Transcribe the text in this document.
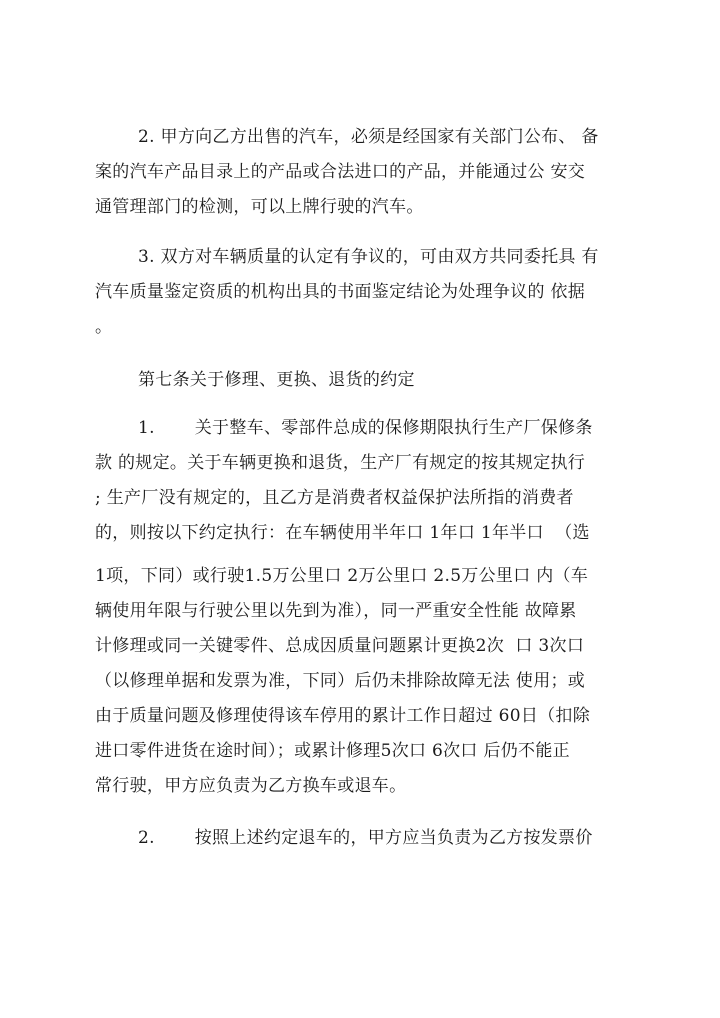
2. 甲方向乙方出售的汽车，必须是经国家有关部门公布、 备
案的汽车产品目录上的产品或合法进口的产品，并能通过公 安交
通管理部门的检测，可以上牌行驶的汽车。
3. 双方对车辆质量的认定有争议的，可由双方共同委托具 有
汽车质量鉴定资质的机构出具的书面鉴定结论为处理争议的 依据
。
第七条关于修理、更换、退货的约定
1.       关于整车、零部件总成的保修期限执行生产厂保修条
款 的规定。关于车辆更换和退货，生产厂有规定的按其规定执行
; 生产厂没有规定的，且乙方是消费者权益保护法所指的消费者
的，则按以下约定执行：在车辆使用半年口 1年口 1年半口  （选
1项，下同）或行驶1.5万公里口 2万公里口 2.5万公里口 内（车
辆使用年限与行驶公里以先到为准），同一严重安全性能 故障累
计修理或同一关键零件、总成因质量问题累计更换2次  口 3次口
（以修理单据和发票为准，下同）后仍未排除故障无法 使用；或
由于质量问题及修理使得该车停用的累计工作日超过 60日（扣除
进口零件进货在途时间）；或累计修理5次口 6次口 后仍不能正
常行驶，甲方应负责为乙方换车或退车。
2.       按照上述约定退车的，甲方应当负责为乙方按发票价
